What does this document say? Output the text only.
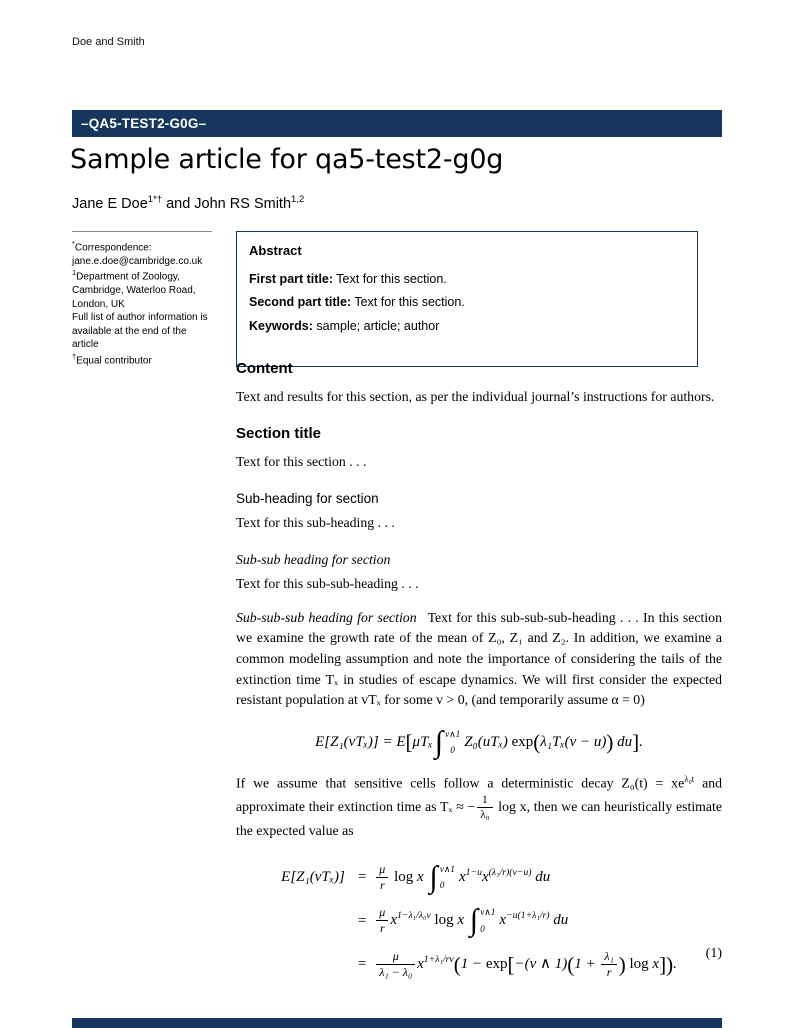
Doe and Smith
–QA5-TEST2-G0G–
Sample article for qa5-test2-g0g
Jane E Doe$^{1*\dagger}$ and John RS Smith$^{1,2}$
*Correspondence:
jane.e.doe@cambridge.co.uk
$^1$Department of Zoology, Cambridge, Waterloo Road, London, UK
Full list of author information is available at the end of the article
†Equal contributor
Abstract
First part title: Text for this section.
Second part title: Text for this section.
Keywords: sample; article; author
Content

Text and results for this section, as per the individual journal’s instructions for authors.

Section title

Text for this section . . .

Sub-heading for section

Text for this sub-heading . . .

Sub-sub heading for section

Text for this sub-sub-heading . . .

Sub-sub-sub heading for section Text for this sub-sub-sub-heading . . . In this section we examine the growth rate of the mean of Z₀, Z₁ and Z₂. In addition, we examine a common modeling assumption and note the importance of considering the tails of the extinction time Tₓ in studies of escape dynamics. We will first consider the expected resistant population at vTₓ for some v > 0, (and temporarily assume α = 0)

E[Z₁(vTₓ)] = E[μTₓ ∫ v∧1
0
Z₀(uTₓ) exp(λ₁Tₓ(v − u)) du].

If we assume that sensitive cells follow a deterministic decay $Z_0(t) = xe^{\lambda_0t}$ and approximate their extinction time as Tₓ ≈ − $\frac{1}{\text{λ₀}}$ log x, then we can heuristically estimate the expected value as

E[Z₁(vTₓ)]	=	$\frac{\mu}{r}$ log x ∫ v∧1
0
$x^{1-u}x^{(\lambda_1/r)(v-u)}$ du
	=	$\frac{\mu}{r} x^{1-\lambda_1/\lambda_0v}$ log x ∫ v∧1
0
$x^{-u(1+\lambda_1/r)}$ du
	=	$\frac{\mu}{\text{λ₁ − λ₀}} x^{1+\lambda_1/rv}(1 - \exp[-(v$ ∧ $1)(1 + \frac{\text{λ₁}}{r}$ ) log x]).
(1)
